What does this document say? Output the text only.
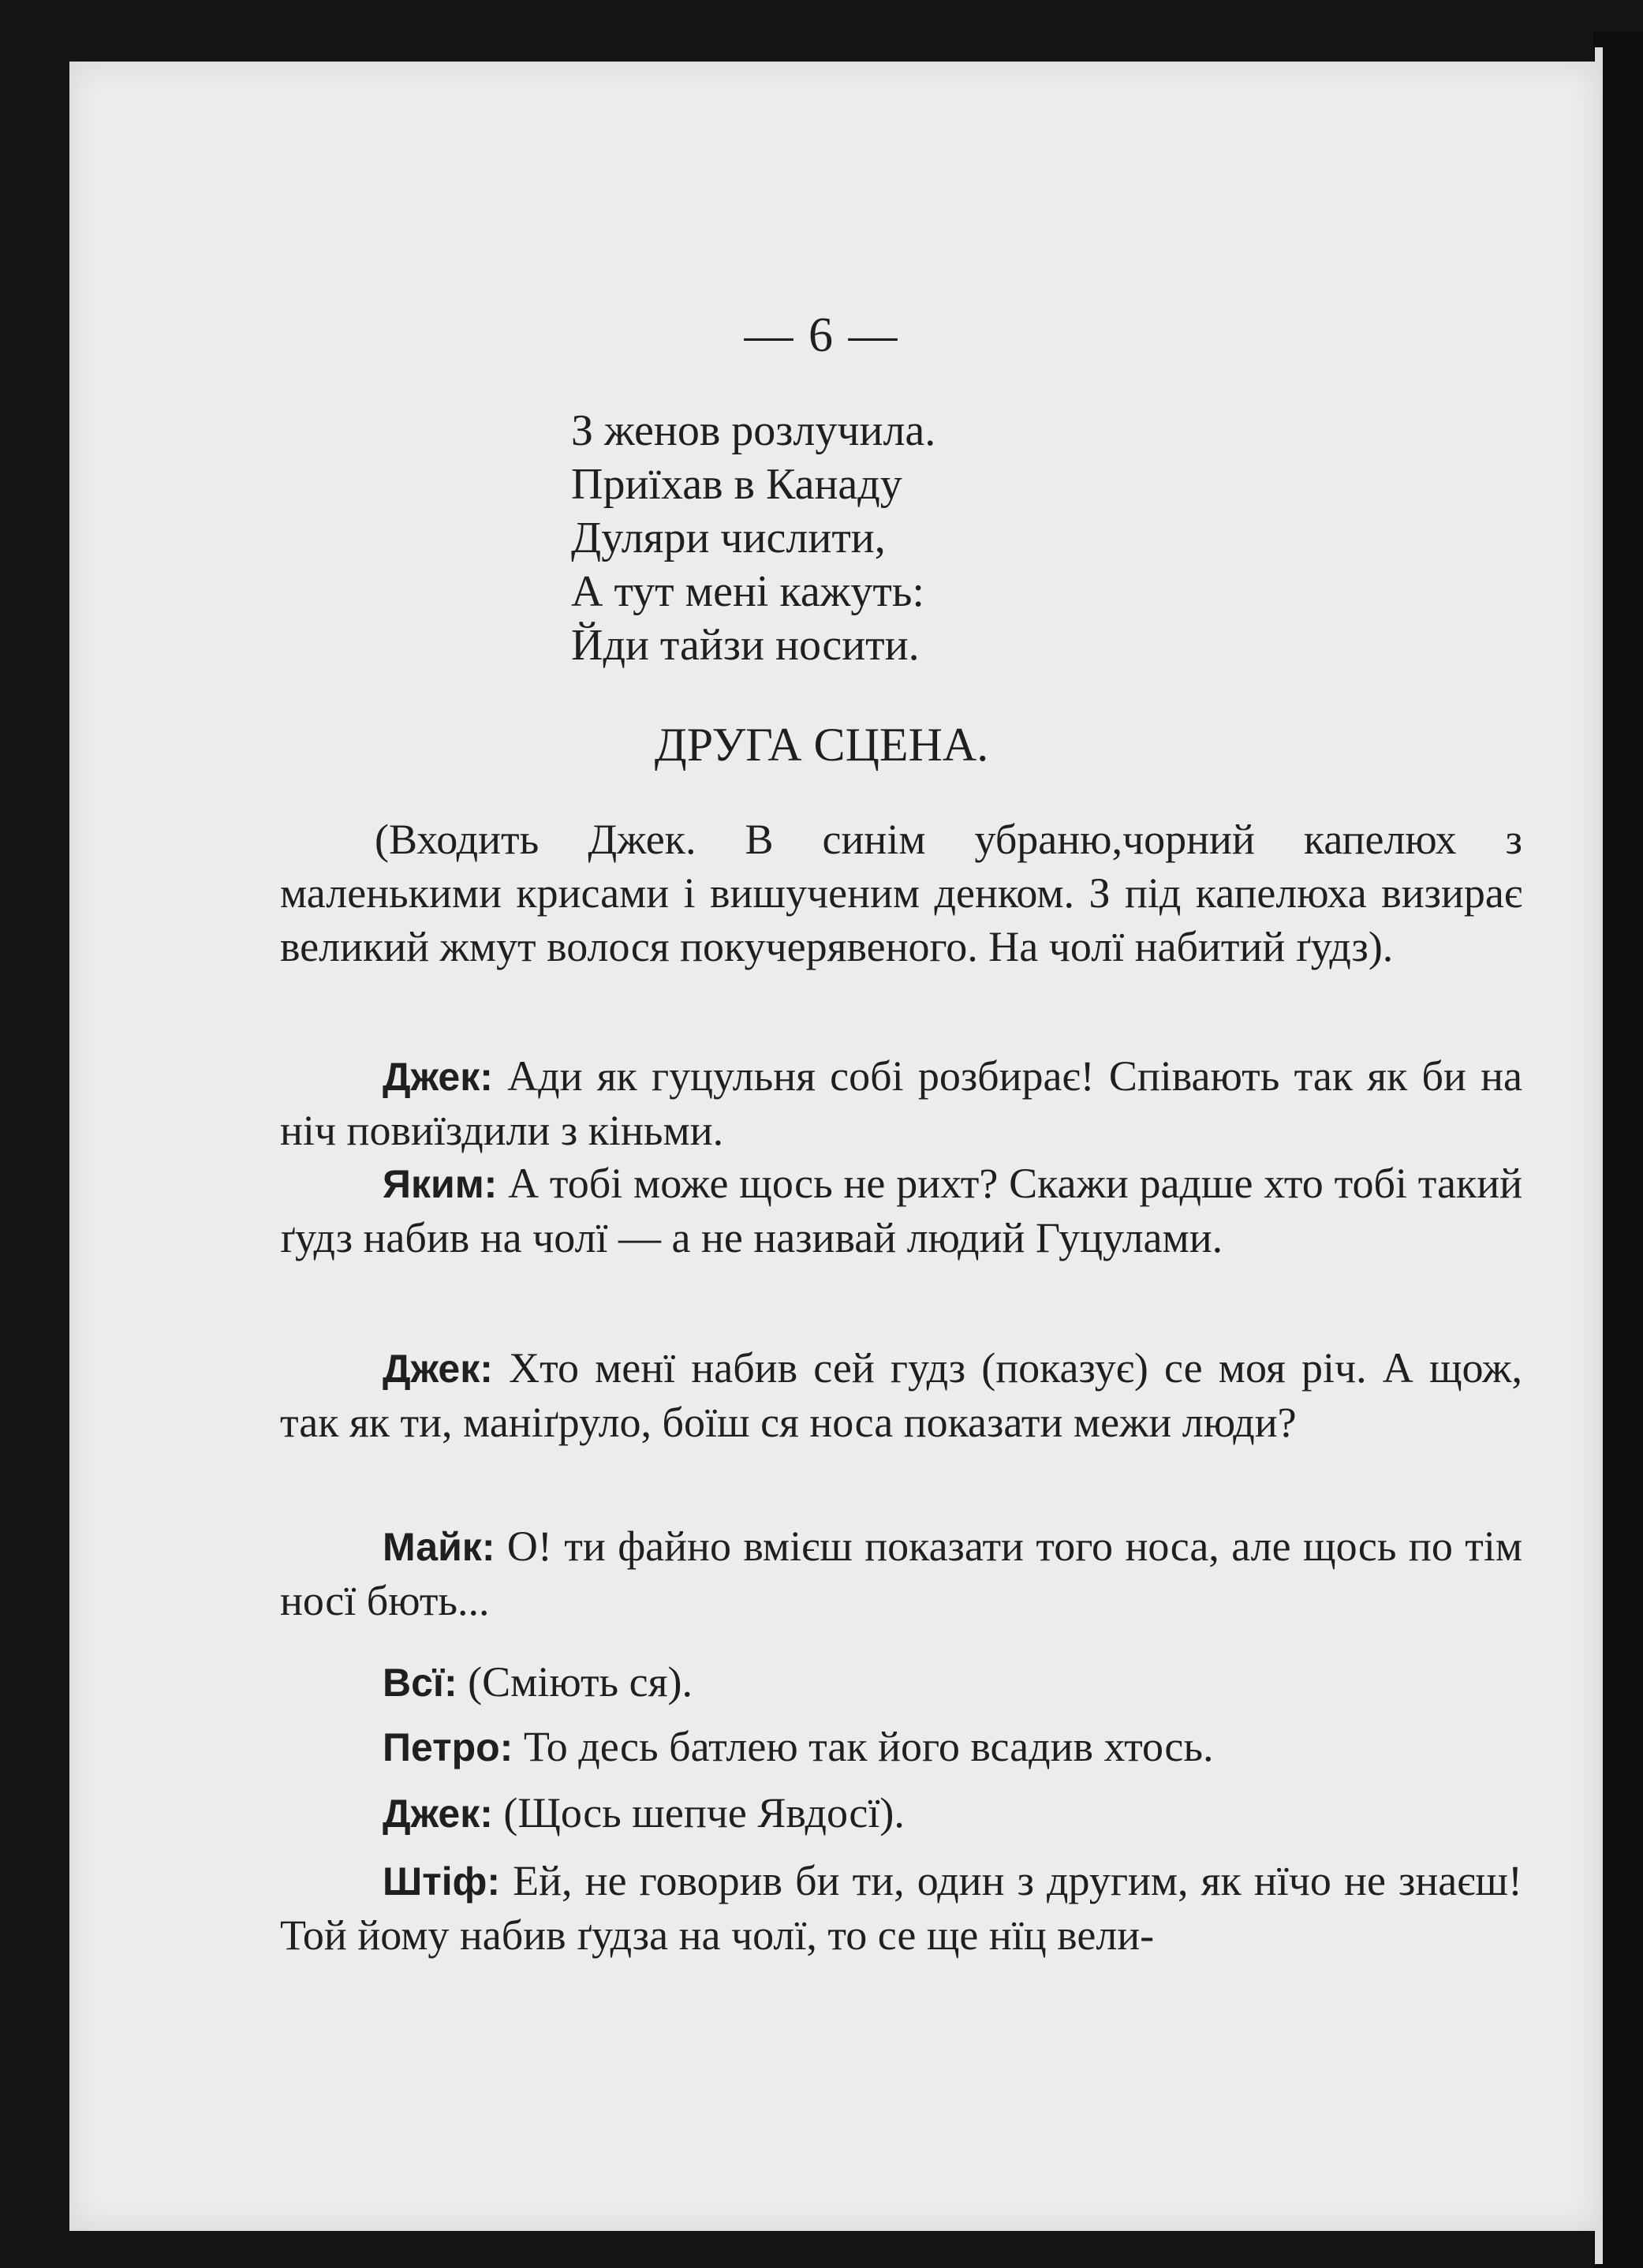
— 6 —
З женов розлучила.
Приїхав в Канаду
Дуляри числити,
А тут мені кажуть:
Йди тайзи носити.
ДРУГА СЦЕНА.
(Входить Джек. В синім убраню,чорний капелюх з маленькими крисами і вишученим денком. З під капелюха визирає великий жмут волося покучерявеного. На чолї набитий ґудз).
Джек: Ади як гуцульня собі розбирає! Співають так як би на ніч повиїздили з кіньми.
Яким: А тобі може щось не рихт? Скажи радше хто тобі такий ґудз набив на чолї — а не називай людий Гуцулами.
Джек: Хто менї набив сей гудз (показує) се моя річ. А щож, так як ти, маніґруло, боїш ся носа показати межи люди?
Майк: О! ти файно вмієш показати того носа, але щось по тім носї бють...
Всї: (Сміють ся).
Петро: То десь батлею так його всадив хтось.
Джек: (Щось шепче Явдосї).
Штіф: Ей, не говорив би ти, один з другим, як нїчо не знаєш! Той йому набив ґудза на чолї, то се ще нїц вели-
